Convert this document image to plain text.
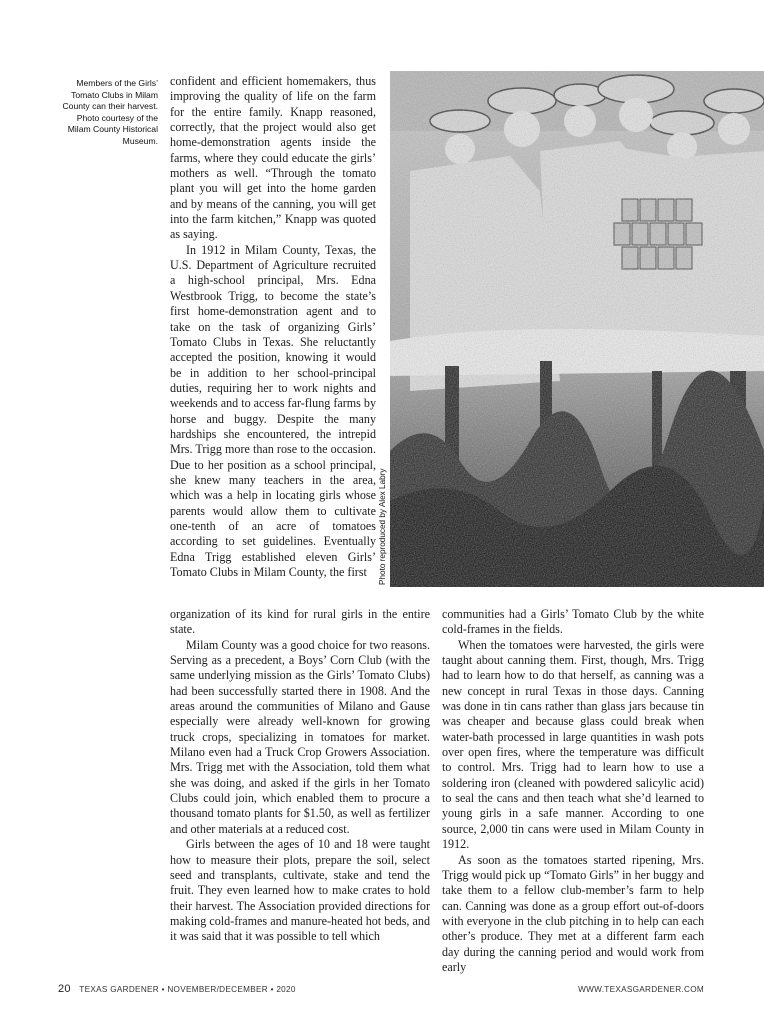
Members of the Girls’ Tomato Clubs in Milam County can their harvest. Photo courtesy of the Milam County Historical Museum.

confident and efficient homemakers, thus improving the quality of life on the farm for the entire family. Knapp reasoned, correctly, that the project would also get home-demonstration agents inside the farms, where they could educate the girls’ mothers as well. “Through the tomato plant you will get into the home garden and by means of the canning, you will get into the farm kitchen,” Knapp was quoted as saying.

In 1912 in Milam County, Texas, the U.S. Department of Agriculture recruited a high-school principal, Mrs. Edna Westbrook Trigg, to become the state’s first home-demonstration agent and to take on the task of organizing Girls’ Tomato Clubs in Texas. She reluctantly accepted the position, knowing it would be in addition to her school-principal duties, requiring her to work nights and weekends and to access far-flung farms by horse and buggy. Despite the many hardships she encountered, the intrepid Mrs. Trigg more than rose to the occasion. Due to her position as a school principal, she knew many teachers in the area, which was a help in locating girls whose parents would allow them to cultivate one-tenth of an acre of tomatoes according to set guidelines. Eventually Edna Trigg established eleven Girls’ Tomato Clubs in Milam County, the first	Photo reproduced by Alex Labry

organization of its kind for rural girls in the entire state.

Milam County was a good choice for two reasons. Serving as a precedent, a Boys’ Corn Club (with the same underlying mission as the Girls’ Tomato Clubs) had been successfully started there in 1908. And the areas around the communities of Milano and Gause especially were already well-known for growing truck crops, specializing in tomatoes for market. Milano even had a Truck Crop Growers Association. Mrs. Trigg met with the Association, told them what she was doing, and asked if the girls in her Tomato Clubs could join, which enabled them to procure a thousand tomato plants for $1.50, as well as fertilizer and other materials at a reduced cost.

Girls between the ages of 10 and 18 were taught how to measure their plots, prepare the soil, select seed and transplants, cultivate, stake and tend the fruit. They even learned how to make crates to hold their harvest. The Association provided directions for making cold-frames and manure-heated hot beds, and it was said that it was possible to tell which

communities had a Girls’ Tomato Club by the white cold-frames in the fields.

When the tomatoes were harvested, the girls were taught about canning them. First, though, Mrs. Trigg had to learn how to do that herself, as canning was a new concept in rural Texas in those days. Canning was done in tin cans rather than glass jars because tin was cheaper and because glass could break when water-bath processed in large quantities in wash pots over open fires, where the temperature was difficult to control. Mrs. Trigg had to learn how to use a soldering iron (cleaned with powdered salicylic acid) to seal the cans and then teach what she’d learned to young girls in a safe manner. According to one source, 2,000 tin cans were used in Milam County in 1912.

As soon as the tomatoes started ripening, Mrs. Trigg would pick up “Tomato Girls” in her buggy and take them to a fellow club-member’s farm to help can. Canning was done as a group effort out-of-doors with everyone in the club pitching in to help can each other’s produce. They met at a different farm each day during the canning period and would work from early

20 TEXAS GARDENER • NOVEMBER/DECEMBER • 2020	WWW.TEXASGARDENER.COM
